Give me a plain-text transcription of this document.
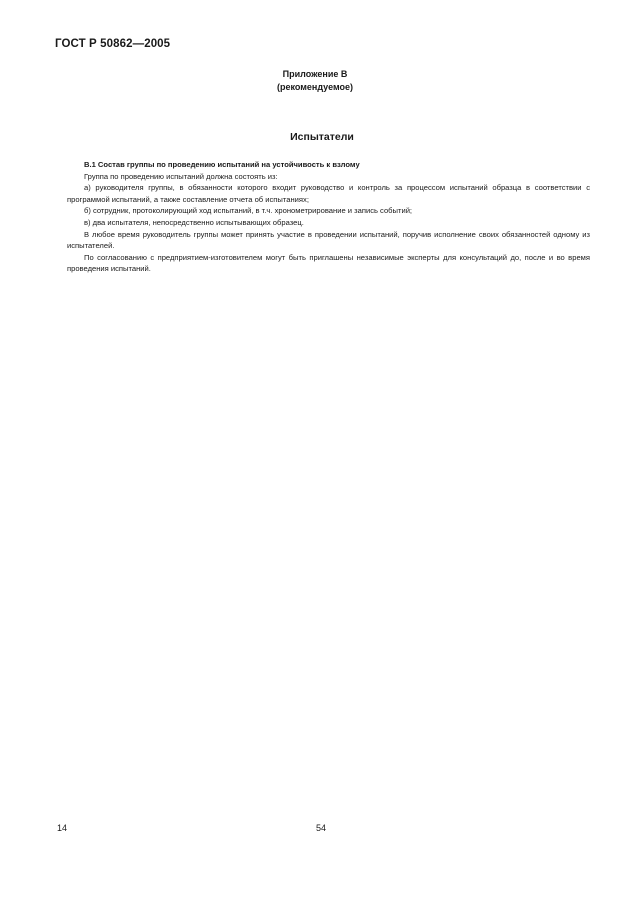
ГОСТ Р 50862—2005
Приложение В
(рекомендуемое)
Испытатели

В.1 Состав группы по проведению испытаний на устойчивость к взлому

Группа по проведению испытаний должна состоять из:

а) руководителя группы, в обязанности которого входит руководство и контроль за процессом испытаний образца в соответствии с программой испытаний, а также составление отчета об испытаниях;

б) сотрудник, протоколирующий ход испытаний, в т.ч. хронометрирование и запись событий;

в) два испытателя, непосредственно испытывающих образец.

В любое время руководитель группы может принять участие в проведении испытаний, поручив исполнение своих обязанностей одному из испытателей.

По согласованию с предприятием-изготовителем могут быть приглашены независимые эксперты для консультаций до, после и во время проведения испытаний.

14	54
